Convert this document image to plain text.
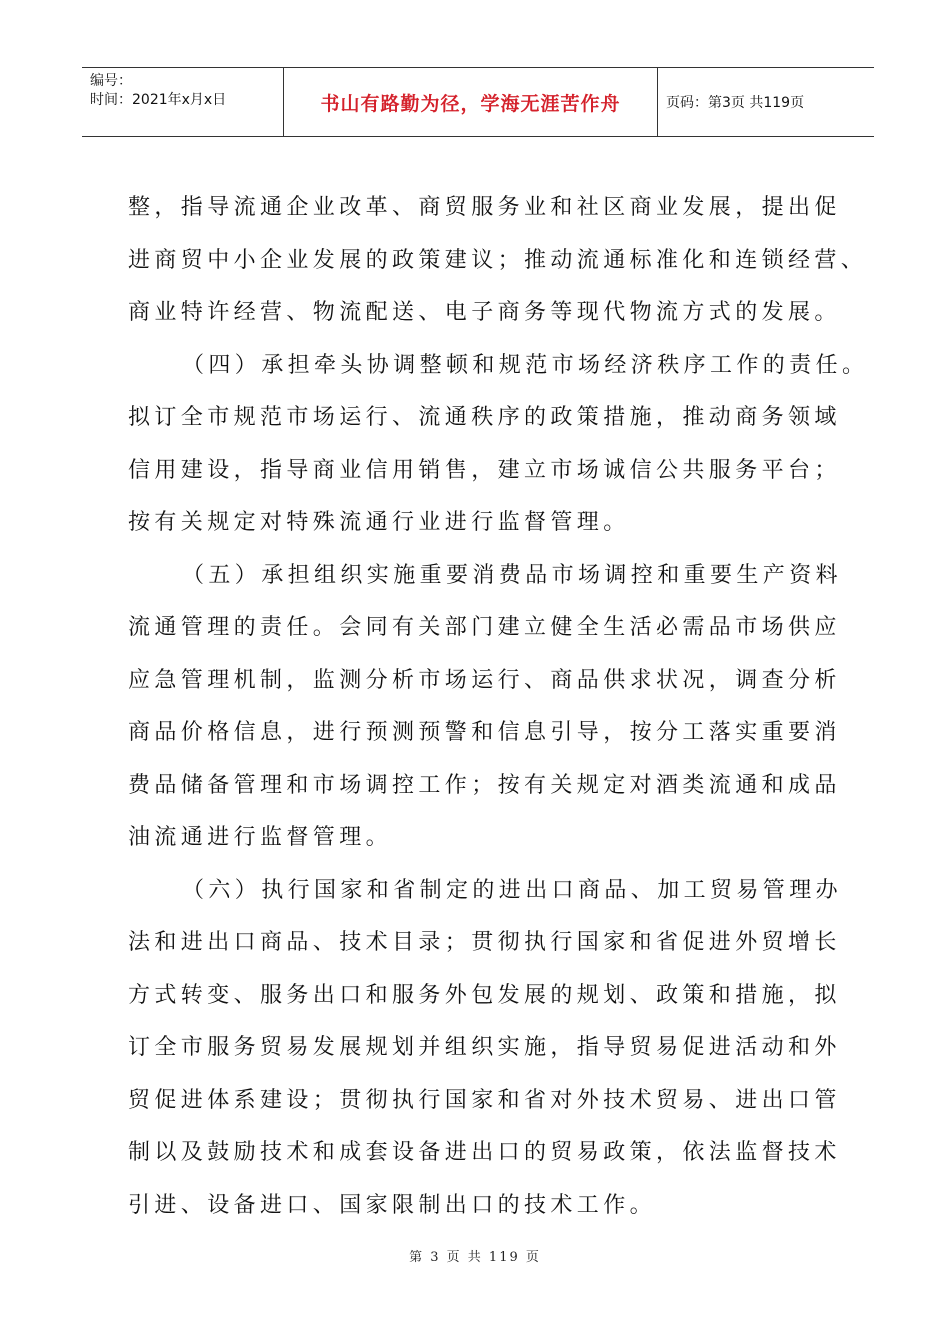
编号：
时间：2021年x月x日	书山有路勤为径，学海无涯苦作舟	页码：第3页 共119页

整，指导流通企业改革、商贸服务业和社区商业发展，提出促

进商贸中小企业发展的政策建议；推动流通标准化和连锁经营、

商业特许经营、物流配送、电子商务等现代物流方式的发展。

（四）承担牵头协调整顿和规范市场经济秩序工作的责任。

拟订全市规范市场运行、流通秩序的政策措施，推动商务领域

信用建设，指导商业信用销售，建立市场诚信公共服务平台；

按有关规定对特殊流通行业进行监督管理。

（五）承担组织实施重要消费品市场调控和重要生产资料

流通管理的责任。会同有关部门建立健全生活必需品市场供应

应急管理机制，监测分析市场运行、商品供求状况，调查分析

商品价格信息，进行预测预警和信息引导，按分工落实重要消

费品储备管理和市场调控工作；按有关规定对酒类流通和成品

油流通进行监督管理。

（六）执行国家和省制定的进出口商品、加工贸易管理办

法和进出口商品、技术目录；贯彻执行国家和省促进外贸增长

方式转变、服务出口和服务外包发展的规划、政策和措施，拟

订全市服务贸易发展规划并组织实施，指导贸易促进活动和外

贸促进体系建设；贯彻执行国家和省对外技术贸易、进出口管

制以及鼓励技术和成套设备进出口的贸易政策，依法监督技术

引进、设备进口、国家限制出口的技术工作。

第 3 页 共 119 页
